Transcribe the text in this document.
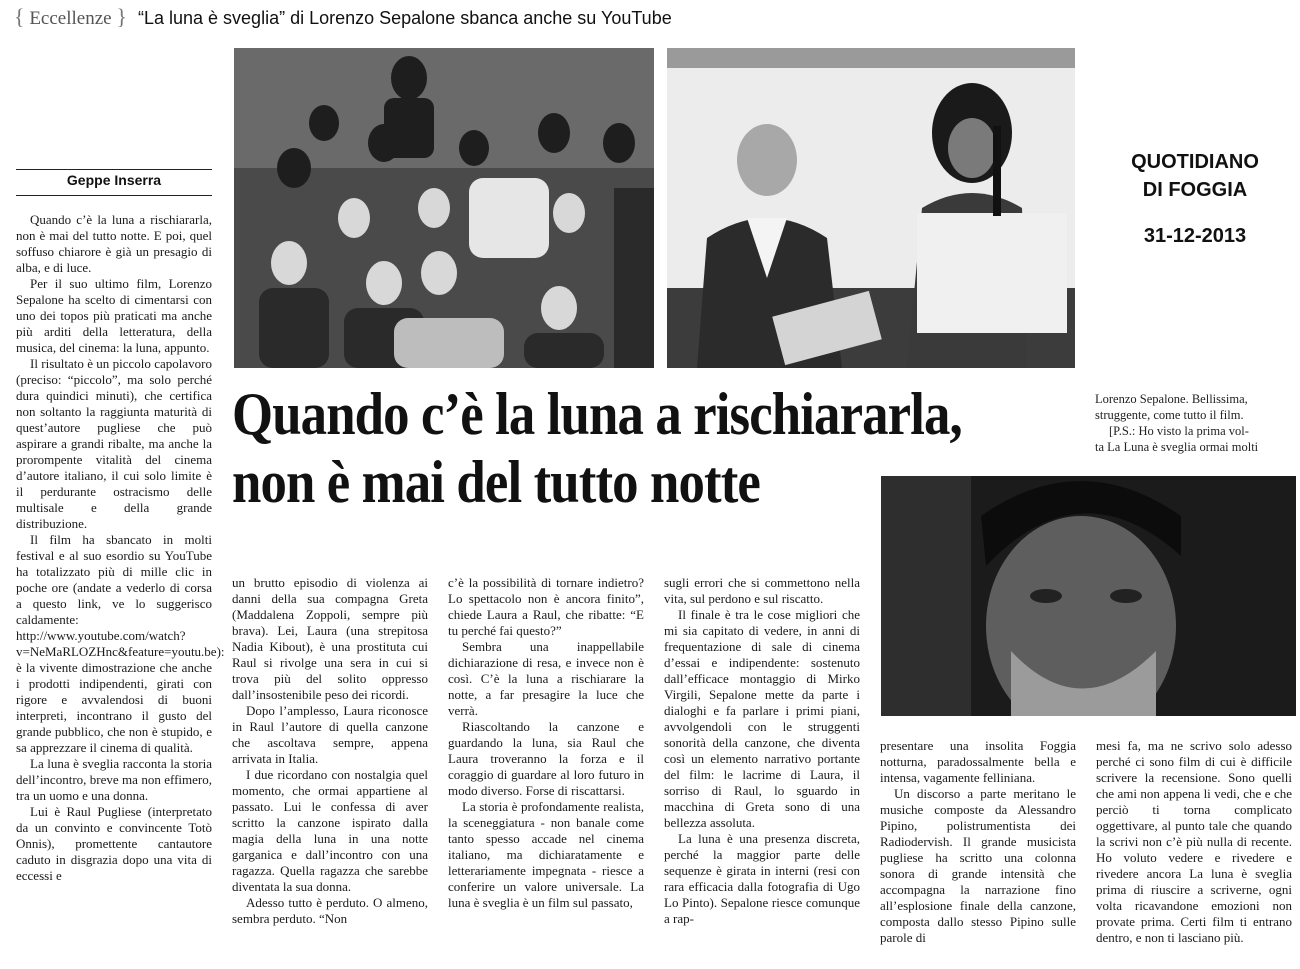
{ Eccellenze } “La luna è sveglia” di Lorenzo Sepalone sbanca anche su YouTube
Geppe Inserra
QUOTIDIANO
DI FOGGIA
31-12-2013
Quando c’è la luna a rischiararla,
non è mai del tutto notte
Lorenzo Sepalone. Bellissima,
struggente, come tutto il film.
[P.S.: Ho visto la prima vol-
ta La Luna è sveglia ormai molti

Quando c’è la luna a rischiararla, non è mai del tutto notte. E poi, quel soffuso chiarore è già un presagio di alba, e di luce.

Per il suo ultimo film, Lorenzo Sepalone ha scelto di cimentarsi con uno dei topos più praticati ma anche più arditi della letteratura, della musica, del cinema: la luna, appunto.

Il risultato è un piccolo capolavoro (preciso: “piccolo”, ma solo perché dura quindici minuti), che certifica non soltanto la raggiunta maturità di quest’autore pugliese che può aspirare a grandi ribalte, ma anche la prorompente vitalità del cinema d’autore italiano, il cui solo limite è il perdurante ostracismo delle multisale e della grande distribuzione.

Il film ha sbancato in molti festival e al suo esordio su YouTube ha totalizzato più di mille clic in poche ore (andate a vederlo di corsa a questo link, ve lo suggerisco caldamente: http://www.youtube.com/watch?v=NeMaRLOZHnc&feature=youtu.be): è la vivente dimostrazione che anche i prodotti indipendenti, girati con rigore e avvalendosi di buoni interpreti, incontrano il gusto del grande pubblico, che non è stupido, e sa apprezzare il cinema di qualità.

La luna è sveglia racconta la storia dell’incontro, breve ma non effimero, tra un uomo e una donna.

Lui è Raul Pugliese (interpretato da un convinto e convincente Totò Onnis), promettente cantautore caduto in disgrazia dopo una vita di eccessi e

un brutto episodio di violenza ai danni della sua compagna Greta (Maddalena Zoppoli, sempre più brava). Lei, Laura (una strepitosa Nadia Kibout), è una prostituta cui Raul si rivolge una sera in cui si trova più del solito oppresso dall’insostenibile peso dei ricordi.

Dopo l’amplesso, Laura riconosce in Raul l’autore di quella canzone che ascoltava sempre, appena arrivata in Italia.

I due ricordano con nostalgia quel momento, che ormai appartiene al passato. Lui le confessa di aver scritto la canzone ispirato dalla magia della luna in una notte garganica e dall’incontro con una ragazza. Quella ragazza che sarebbe diventata la sua donna.

Adesso tutto è perduto. O almeno, sembra perduto. “Non

c’è la possibilità di tornare indietro? Lo spettacolo non è ancora finito”, chiede Laura a Raul, che ribatte: “E tu perché fai questo?”

Sembra una inappellabile dichiarazione di resa, e invece non è così. C’è la luna a rischiarare la notte, a far presagire la luce che verrà.

Riascoltando la canzone e guardando la luna, sia Raul che Laura troveranno la forza e il coraggio di guardare al loro futuro in modo diverso. Forse di riscattarsi.

La storia è profondamente realista, la sceneggiatura - non banale come tanto spesso accade nel cinema italiano, ma dichiaratamente e letterariamente impegnata - riesce a conferire un valore universale. La luna è sveglia è un film sul passato,

sugli errori che si commettono nella vita, sul perdono e sul riscatto.

Il finale è tra le cose migliori che mi sia capitato di vedere, in anni di frequentazione di sale di cinema d’essai e indipendente: sostenuto dall’efficace montaggio di Mirko Virgili, Sepalone mette da parte i dialoghi e fa parlare i primi piani, avvolgendoli con le struggenti sonorità della canzone, che diventa così un elemento narrativo portante del film: le lacrime di Laura, il sorriso di Raul, lo sguardo in macchina di Greta sono di una bellezza assoluta.

La luna è una presenza discreta, perché la maggior parte delle sequenze è girata in interni (resi con rara efficacia dalla fotografia di Ugo Lo Pinto). Sepalone riesce comunque a rap-

presentare una insolita Foggia notturna, paradossalmente bella e intensa, vagamente felliniana.

Un discorso a parte meritano le musiche composte da Alessandro Pipino, polistrumentista dei Radiodervish. Il grande musicista pugliese ha scritto una colonna sonora di grande intensità che accompagna la narrazione fino all’esplosione finale della canzone, composta dallo stesso Pipino sulle parole di

mesi fa, ma ne scrivo solo adesso perché ci sono film di cui è difficile scrivere la recensione. Sono quelli che ami non appena li vedi, che e che perciò ti torna complicato oggettivare, al punto tale che quando la scrivi non c’è più nulla di recente. Ho voluto vedere e rivedere e rivedere ancora La luna è sveglia prima di riuscire a scriverne, ogni volta ricavandone emozioni non provate prima. Certi film ti entrano dentro, e non ti lasciano più.
